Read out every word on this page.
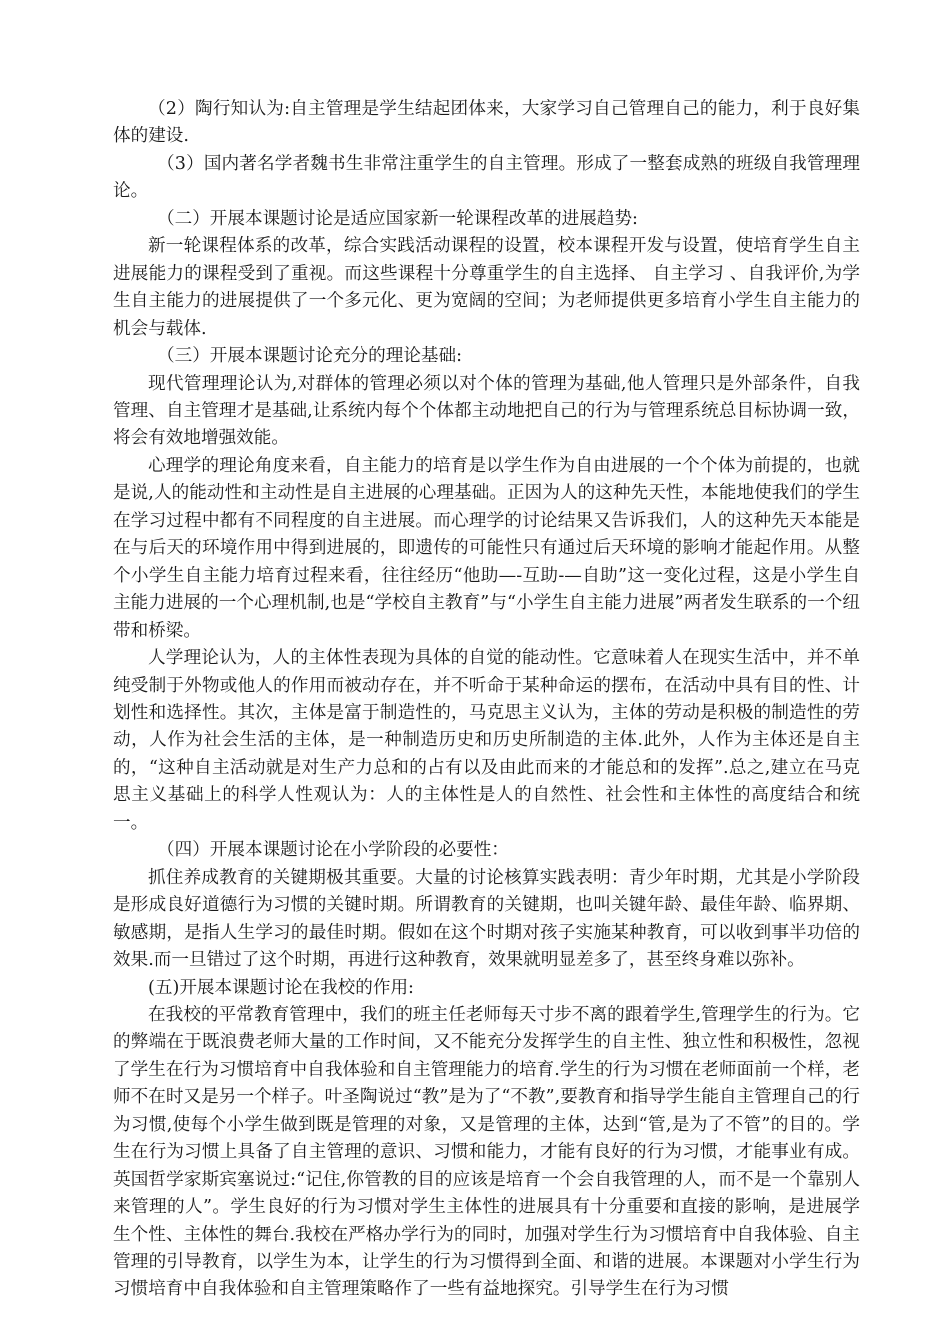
（2）陶行知认为:自主管理是学生结起团体来，大家学习自己管理自己的能力，利于良好集体的建设.

（3）国内著名学者魏书生非常注重学生的自主管理。形成了一整套成熟的班级自我管理理论。

（二）开展本课题讨论是适应国家新一轮课程改革的进展趋势:

新一轮课程体系的改革，综合实践活动课程的设置，校本课程开发与设置，使培育学生自主进展能力的课程受到了重视。而这些课程十分尊重学生的自主选择、 自主学习 、自我评价,为学生自主能力的进展提供了一个多元化、更为宽阔的空间；为老师提供更多培育小学生自主能力的机会与载体.

（三）开展本课题讨论充分的理论基础:

现代管理理论认为,对群体的管理必须以对个体的管理为基础,他人管理只是外部条件，自我管理、自主管理才是基础,让系统内每个个体都主动地把自己的行为与管理系统总目标协调一致，将会有效地增强效能。

心理学的理论角度来看，自主能力的培育是以学生作为自由进展的一个个体为前提的，也就是说,人的能动性和主动性是自主进展的心理基础。正因为人的这种先天性，本能地使我们的学生在学习过程中都有不同程度的自主进展。而心理学的讨论结果又告诉我们，人的这种先天本能是在与后天的环境作用中得到进展的，即遗传的可能性只有通过后天环境的影响才能起作用。从整个小学生自主能力培育过程来看，往往经历“他助—-互助-—自助”这一变化过程，这是小学生自主能力进展的一个心理机制,也是“学校自主教育”与“小学生自主能力进展”两者发生联系的一个纽带和桥梁。

人学理论认为，人的主体性表现为具体的自觉的能动性。它意味着人在现实生活中，并不单纯受制于外物或他人的作用而被动存在，并不听命于某种命运的摆布，在活动中具有目的性、计划性和选择性。其次，主体是富于制造性的，马克思主义认为，主体的劳动是积极的制造性的劳动，人作为社会生活的主体，是一种制造历史和历史所制造的主体.此外，人作为主体还是自主的，“这种自主活动就是对生产力总和的占有以及由此而来的才能总和的发挥”.总之,建立在马克思主义基础上的科学人性观认为：人的主体性是人的自然性、社会性和主体性的高度结合和统一。

（四）开展本课题讨论在小学阶段的必要性：

抓住养成教育的关键期极其重要。大量的讨论核算实践表明：青少年时期，尤其是小学阶段是形成良好道德行为习惯的关键时期。所谓教育的关键期，也叫关键年龄、最佳年龄、临界期、敏感期，是指人生学习的最佳时期。假如在这个时期对孩子实施某种教育，可以收到事半功倍的效果.而一旦错过了这个时期，再进行这种教育，效果就明显差多了，甚至终身难以弥补。

(五)开展本课题讨论在我校的作用:

在我校的平常教育管理中，我们的班主任老师每天寸步不离的跟着学生,管理学生的行为。它的弊端在于既浪费老师大量的工作时间，又不能充分发挥学生的自主性、独立性和积极性，忽视了学生在行为习惯培育中自我体验和自主管理能力的培育.学生的行为习惯在老师面前一个样，老师不在时又是另一个样子。叶圣陶说过“教”是为了“不教”,要教育和指导学生能自主管理自己的行为习惯,使每个小学生做到既是管理的对象，又是管理的主体，达到“管,是为了不管”的目的。学生在行为习惯上具备了自主管理的意识、习惯和能力，才能有良好的行为习惯，才能事业有成。英国哲学家斯宾塞说过:“记住,你管教的目的应该是培育一个会自我管理的人，而不是一个靠别人来管理的人”。学生良好的行为习惯对学生主体性的进展具有十分重要和直接的影响，是进展学生个性、主体性的舞台.我校在严格办学行为的同时，加强对学生行为习惯培育中自我体验、自主管理的引导教育，以学生为本，让学生的行为习惯得到全面、和谐的进展。本课题对小学生行为习惯培育中自我体验和自主管理策略作了一些有益地探究。引导学生在行为习惯
